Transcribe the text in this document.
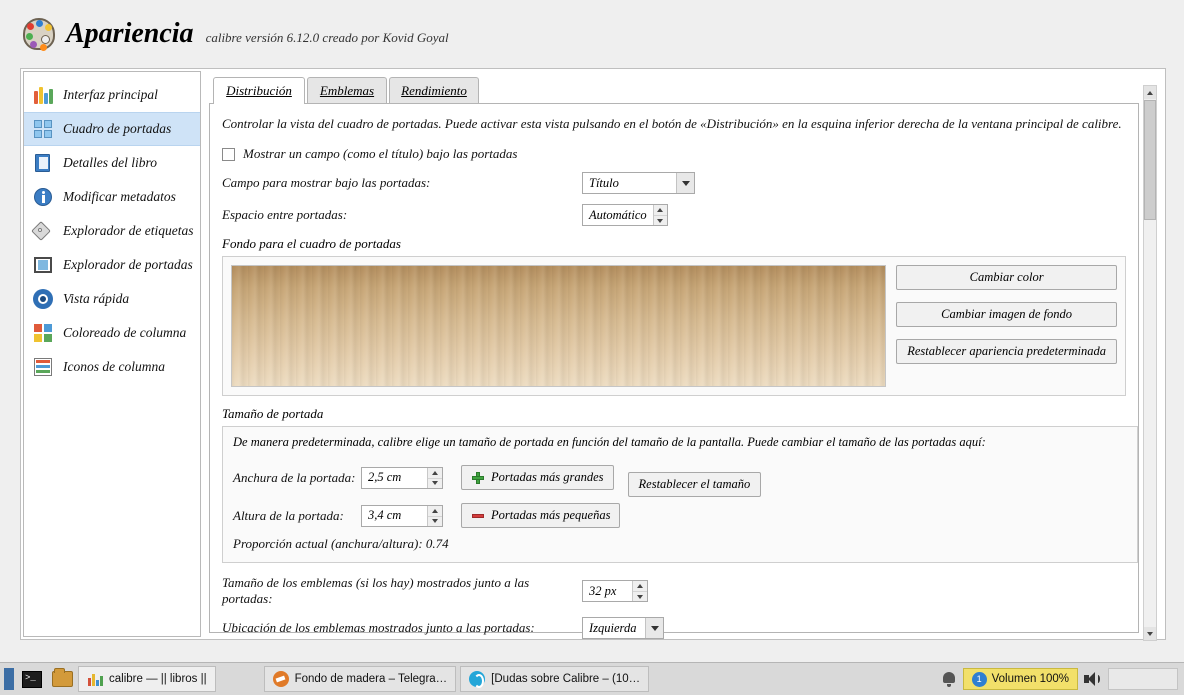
Apariencia calibre versión 6.12.0 creado por Kovid Goyal
Interfaz principal
Cuadro de portadas
Detalles del libro
Modificar metadatos
Explorador de etiquetas
Explorador de portadas
Vista rápida
Coloreado de columna
Iconos de columna
Distribución Emblemas Rendimiento
Controlar la vista del cuadro de portadas. Puede activar esta vista pulsando en el botón de «Distribución» en la esquina inferior derecha de la ventana principal de calibre.
Mostrar un campo (como el título) bajo las portadas
Campo para mostrar bajo las portadas:	Título
Espacio entre portadas:	Automático
Fondo para el cuadro de portadas
Cambiar color
Cambiar imagen de fondo
Restablecer apariencia predeterminada
Tamaño de portada
De manera predeterminada, calibre elige un tamaño de portada en función del tamaño de la pantalla. Puede cambiar el tamaño de las portadas aquí:
Anchura de la portada:	2,5 cm	Portadas más grandes	Restablecer el tamaño
Altura de la portada:	3,4 cm	Portadas más pequeñas
Proporción actual (anchura/altura): 0.74
Tamaño de los emblemas (si los hay) mostrados junto a las portadas:
32 px
Ubicación de los emblemas mostrados junto a las portadas:	Izquierda
>_
calibre — || libros ||	Fondo de madera – Telegra…	[Dudas sobre Calibre – (10…	1 Volumen 100%
